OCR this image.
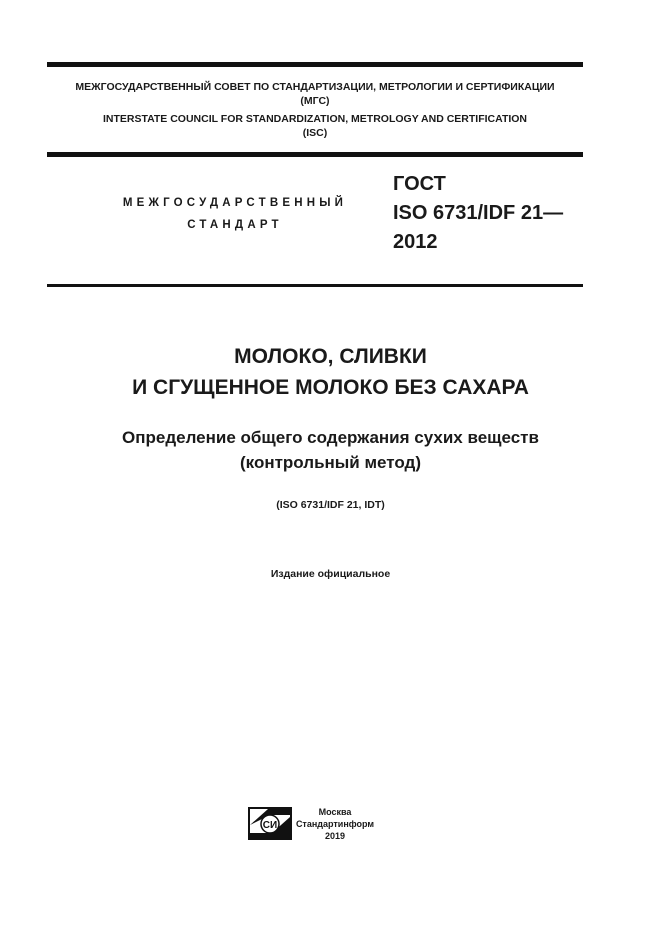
МЕЖГОСУДАРСТВЕННЫЙ СОВЕТ ПО СТАНДАРТИЗАЦИИ, МЕТРОЛОГИИ И СЕРТИФИКАЦИИ
(МГС)
INTERSTATE COUNCIL FOR STANDARDIZATION, METROLOGY AND CERTIFICATION
(ISC)
МЕЖГОСУДАРСТВЕННЫЙ
СТАНДАРТ
ГОСТ
ISO 6731/IDF 21—
2012
МОЛОКО, СЛИВКИ
И СГУЩЕННОЕ МОЛОКО БЕЗ САХАРА
Определение общего содержания сухих веществ
(контрольный метод)
(ISO 6731/IDF 21, IDT)
Издание официальное
СИ
Москва
Стандартинформ
2019
